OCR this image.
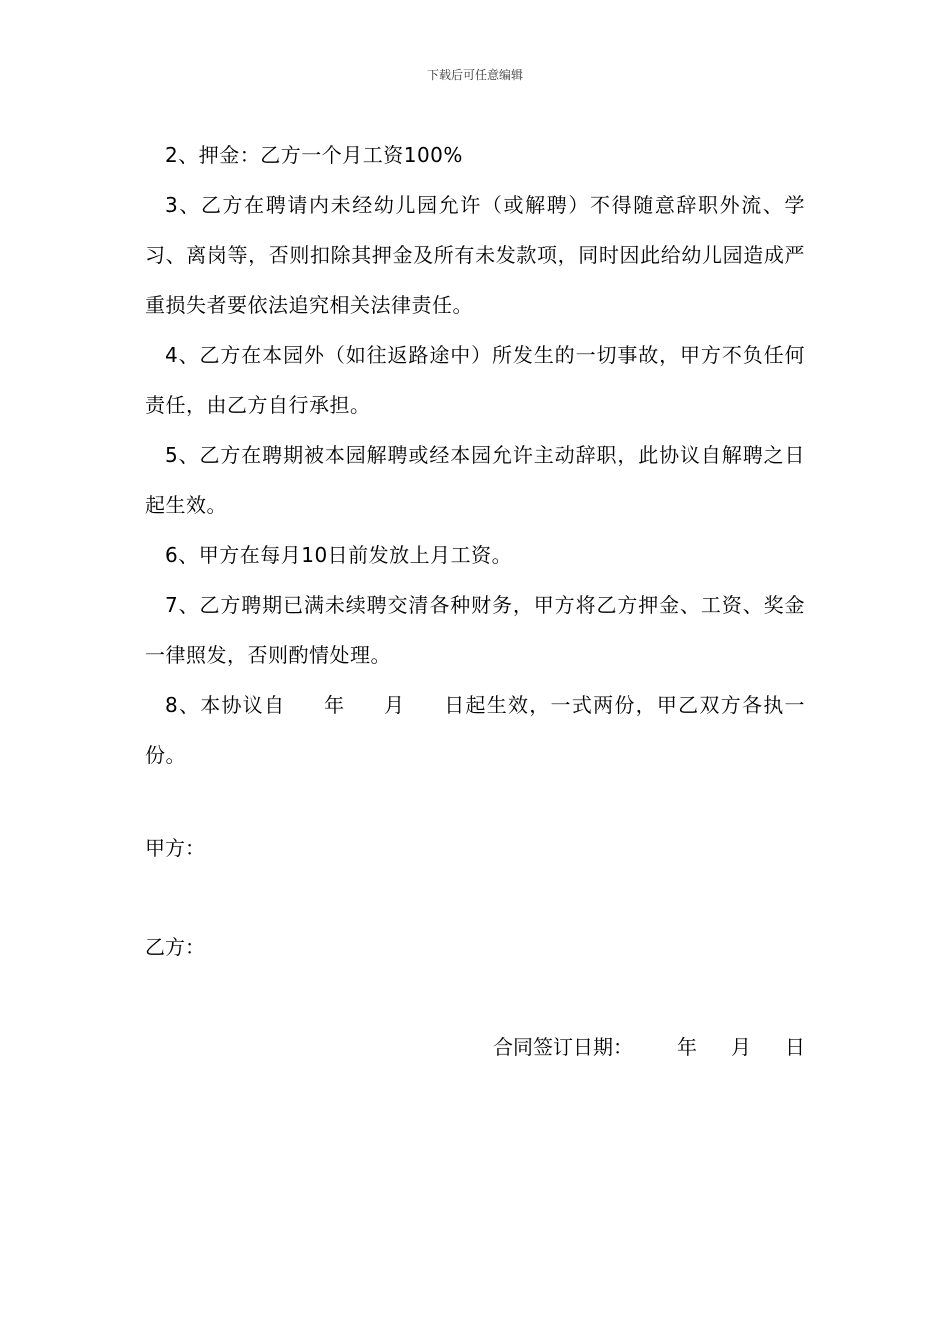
下载后可任意编辑

2、押金：乙方一个月工资100%

3、乙方在聘请内未经幼儿园允许（或解聘）不得随意辞职外流、学习、离岗等，否则扣除其押金及所有未发款项，同时因此给幼儿园造成严重损失者要依法追究相关法律责任。

4、乙方在本园外（如往返路途中）所发生的一切事故，甲方不负任何责任，由乙方自行承担。

5、乙方在聘期被本园解聘或经本园允许主动辞职，此协议自解聘之日起生效。

6、甲方在每月10日前发放上月工资。

7、乙方聘期已满未续聘交清各种财务，甲方将乙方押金、工资、奖金一律照发，否则酌情处理。

8、本协议自 年 月 日起生效，一式两份，甲乙双方各执一份。

甲方：

乙方：

合同签订日期： 年 月 日
